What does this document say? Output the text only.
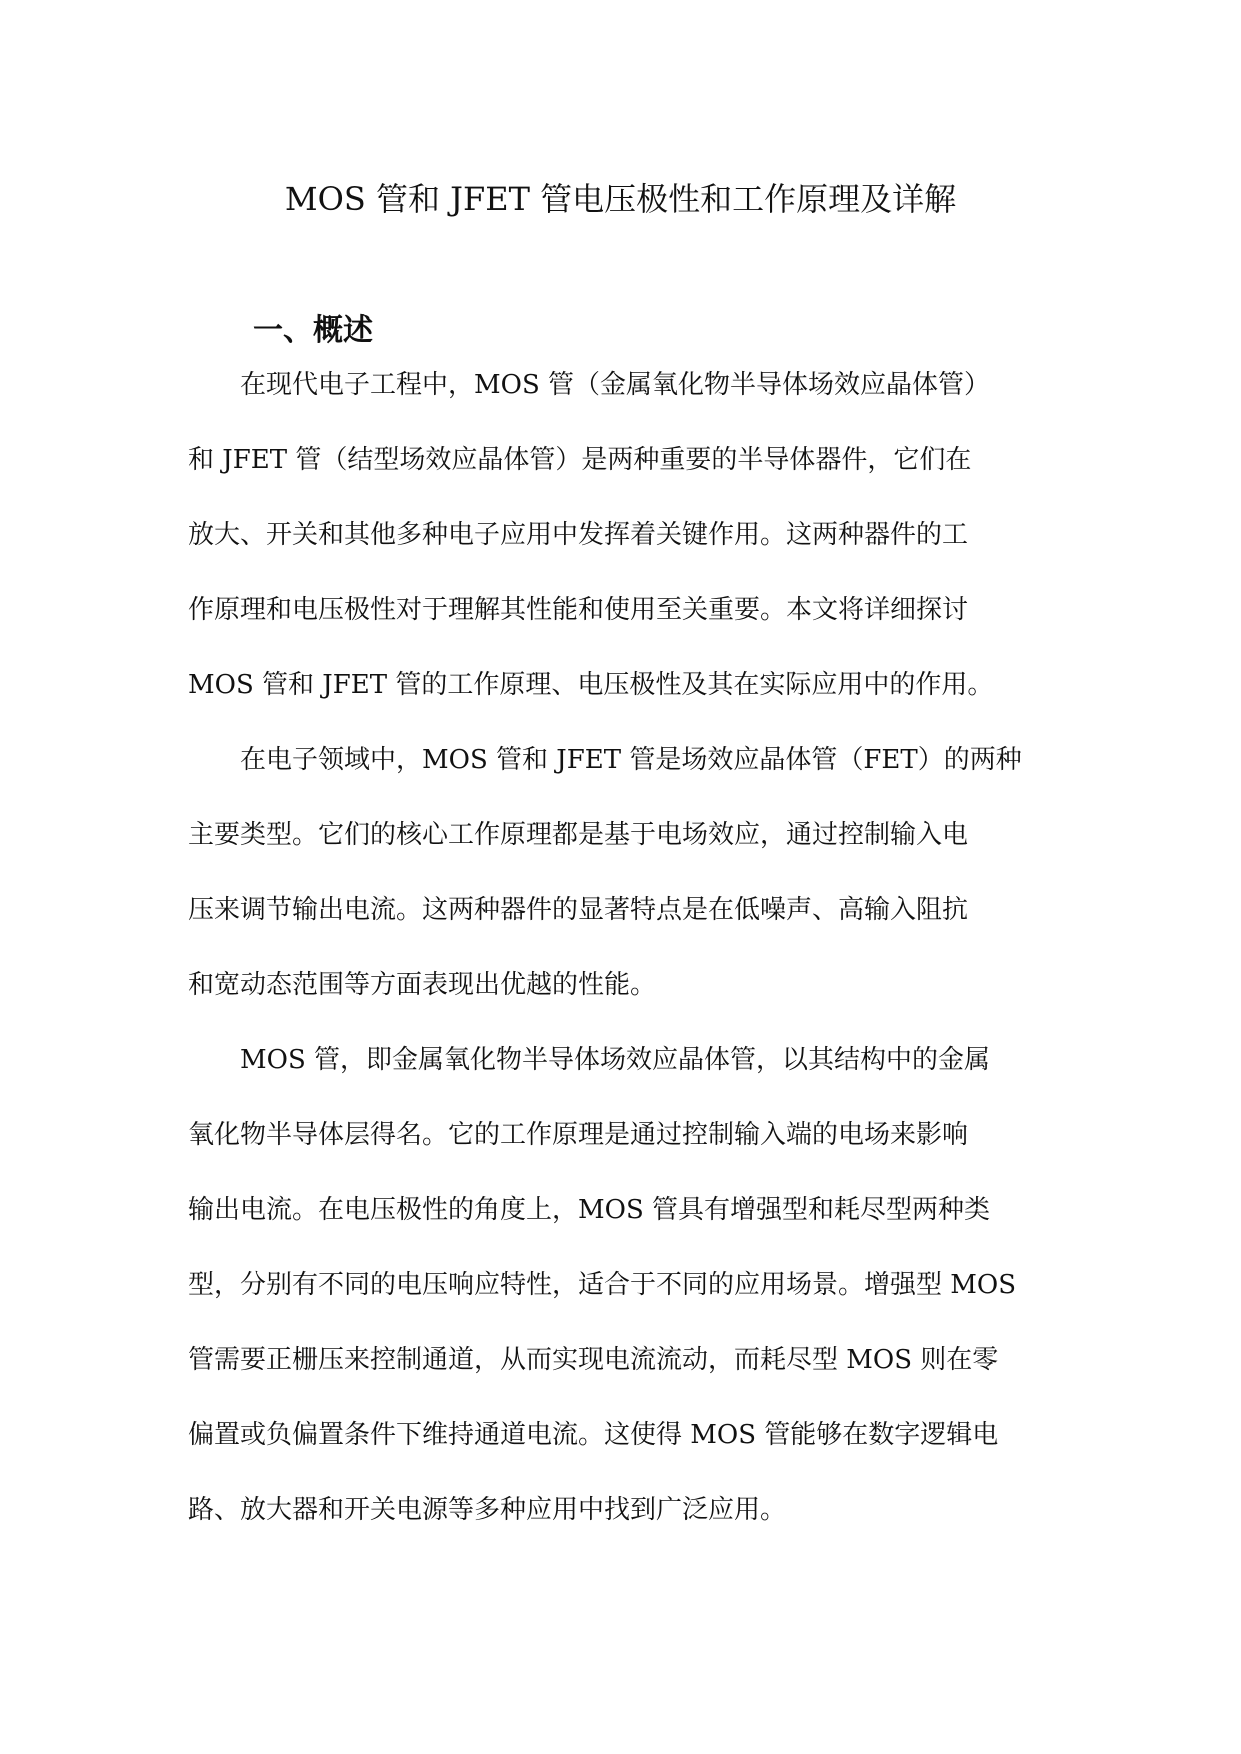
MOS 管和 JFET 管电压极性和工作原理及详解
一、概述
　　在现代电子工程中，MOS 管（金属氧化物半导体场效应晶体管）
和 JFET 管（结型场效应晶体管）是两种重要的半导体器件，它们在
放大、开关和其他多种电子应用中发挥着关键作用。这两种器件的工
作原理和电压极性对于理解其性能和使用至关重要。本文将详细探讨
MOS 管和 JFET 管的工作原理、电压极性及其在实际应用中的作用。
　　在电子领域中，MOS 管和 JFET 管是场效应晶体管（FET）的两种
主要类型。它们的核心工作原理都是基于电场效应，通过控制输入电
压来调节输出电流。这两种器件的显著特点是在低噪声、高输入阻抗
和宽动态范围等方面表现出优越的性能。
　　MOS 管，即金属氧化物半导体场效应晶体管，以其结构中的金属
氧化物半导体层得名。它的工作原理是通过控制输入端的电场来影响
输出电流。在电压极性的角度上，MOS 管具有增强型和耗尽型两种类
型，分别有不同的电压响应特性，适合于不同的应用场景。增强型 MOS
管需要正栅压来控制通道，从而实现电流流动，而耗尽型 MOS 则在零
偏置或负偏置条件下维持通道电流。这使得 MOS 管能够在数字逻辑电
路、放大器和开关电源等多种应用中找到广泛应用。
